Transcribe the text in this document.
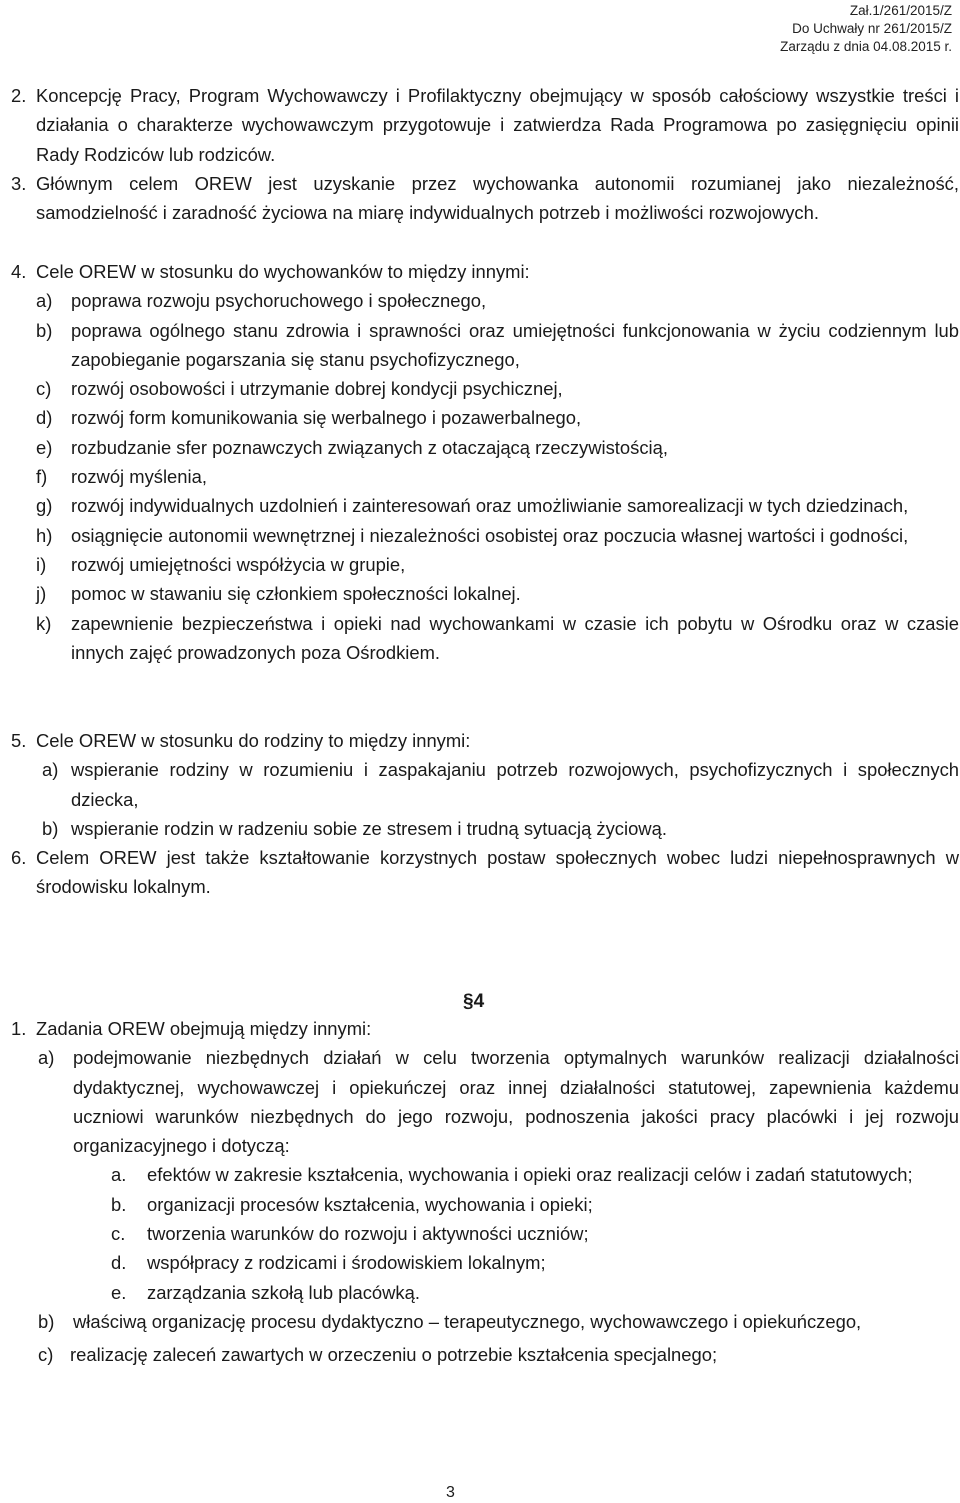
Zał.1/261/2015/Z
Do Uchwały nr 261/2015/Z
Zarządu z dnia 04.08.2015 r.
2. Koncepcję Pracy, Program Wychowawczy i Profilaktyczny obejmujący w sposób całościowy wszystkie treści i działania o charakterze wychowawczym przygotowuje i zatwierdza Rada Programowa po zasięgnięciu opinii Rady Rodziców lub rodziców.
3. Głównym celem OREW jest uzyskanie przez wychowanka autonomii rozumianej jako niezależność, samodzielność i zaradność życiowa na miarę indywidualnych potrzeb i możliwości rozwojowych.
4. Cele OREW w stosunku do wychowanków to między innymi:
a) poprawa rozwoju psychoruchowego i społecznego,
b) poprawa ogólnego stanu zdrowia i sprawności oraz umiejętności funkcjonowania w życiu codziennym lub zapobieganie pogarszania się stanu psychofizycznego,
c) rozwój osobowości i utrzymanie dobrej kondycji psychicznej,
d) rozwój form komunikowania się werbalnego i pozawerbalnego,
e) rozbudzanie sfer poznawczych związanych z otaczającą rzeczywistością,
f) rozwój myślenia,
g) rozwój indywidualnych uzdolnień i zainteresowań oraz umożliwianie samorealizacji w tych dziedzinach,
h) osiągnięcie autonomii wewnętrznej i niezależności osobistej oraz poczucia własnej wartości i godności,
i) rozwój umiejętności współżycia w grupie,
j) pomoc w stawaniu się członkiem społeczności lokalnej.
k) zapewnienie bezpieczeństwa i opieki nad wychowankami w czasie ich pobytu w Ośrodku oraz w czasie innych zajęć prowadzonych poza Ośrodkiem.
5. Cele OREW w stosunku do rodziny to między innymi:
a) wspieranie rodziny w rozumieniu i zaspakajaniu potrzeb rozwojowych, psychofizycznych i społecznych dziecka,
b) wspieranie rodzin w radzeniu sobie ze stresem i trudną sytuacją życiową.
6. Celem OREW jest także kształtowanie korzystnych postaw społecznych wobec ludzi niepełnosprawnych w środowisku lokalnym.
§4
1. Zadania OREW obejmują między innymi:
a) podejmowanie niezbędnych działań w celu tworzenia optymalnych warunków realizacji działalności dydaktycznej, wychowawczej i opiekuńczej oraz innej działalności statutowej, zapewnienia każdemu uczniowi warunków niezbędnych do jego rozwoju, podnoszenia jakości pracy placówki i jej rozwoju organizacyjnego i dotyczą:
a. efektów w zakresie kształcenia, wychowania i opieki oraz realizacji celów i zadań statutowych;
b. organizacji procesów kształcenia, wychowania i opieki;
c. tworzenia warunków do rozwoju i aktywności uczniów;
d. współpracy z rodzicami i środowiskiem lokalnym;
e. zarządzania szkołą lub placówką.
b) właściwą organizację procesu dydaktyczno – terapeutycznego, wychowawczego i opiekuńczego,
c) realizację zaleceń zawartych w orzeczeniu o potrzebie kształcenia specjalnego;
3
